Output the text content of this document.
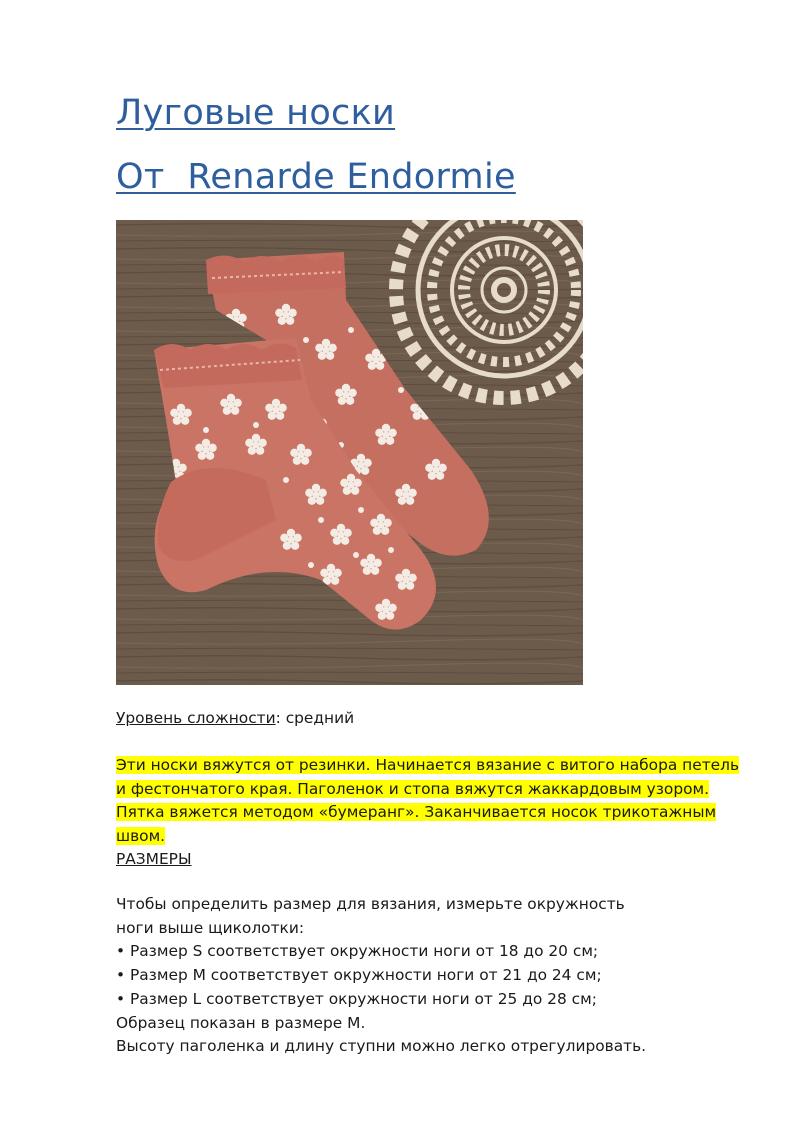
Луговые носки
От  Renarde Endormie

Уровень сложности: средний

Эти носки вяжутся от резинки. Начинается вязание с витого набора петель и фестончатого края. Паголенок и стопа вяжутся жаккардовым узором. Пятка вяжется методом «бумеранг». Заканчивается носок трикотажным швом.

РАЗМЕРЫ

Чтобы определить размер для вязания, измерьте окружность
ноги выше щиколотки:
• Размер S соответствует окружности ноги от 18 до 20 см;
• Размер M соответствует окружности ноги от 21 до 24 см;
• Размер L соответствует окружности ноги от 25 до 28 см;
Образец показан в размере M.
Высоту паголенка и длину ступни можно легко отрегулировать.
